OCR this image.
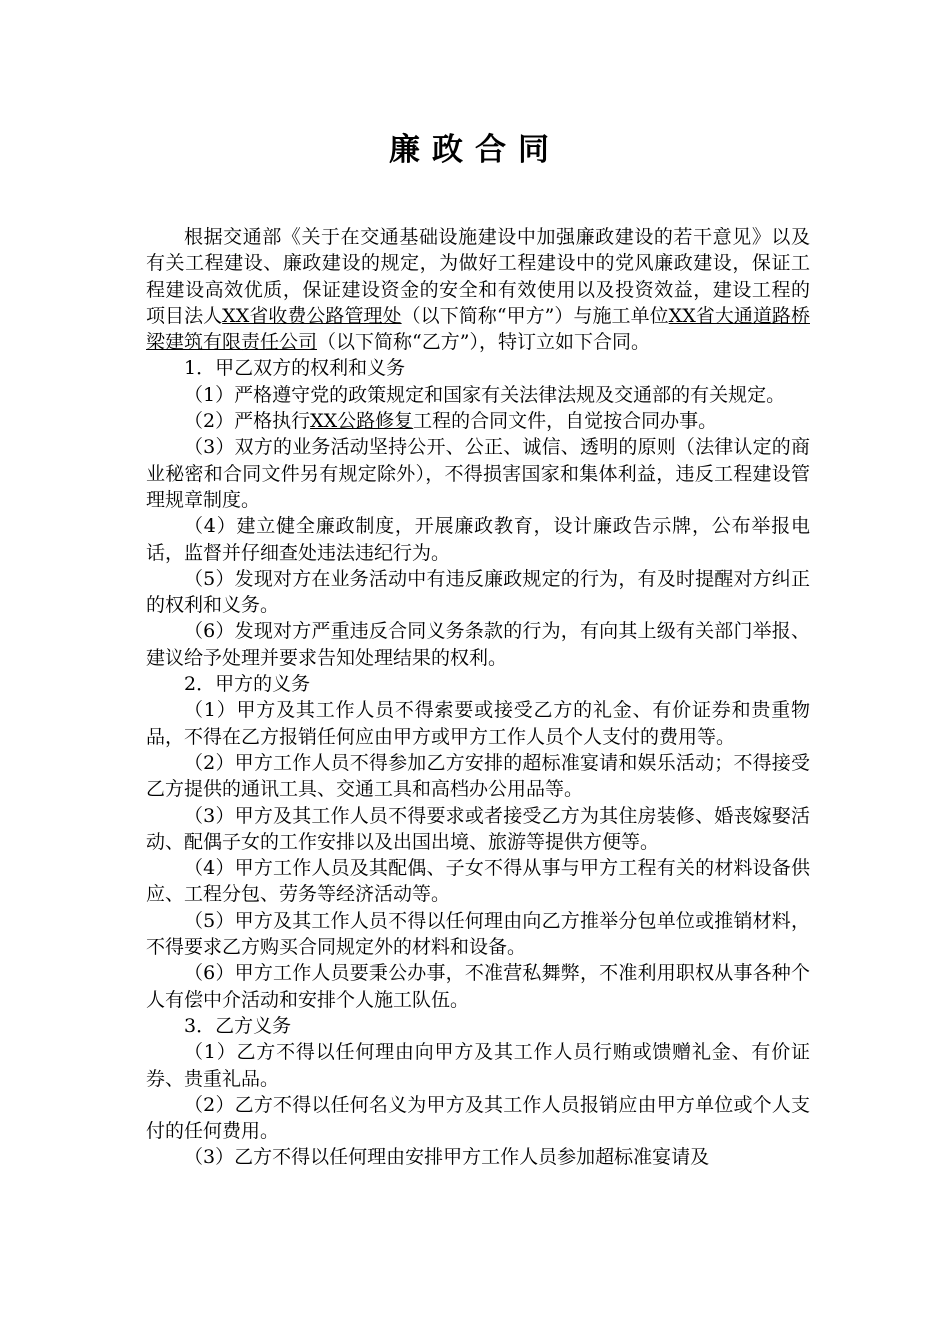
廉政合同

根据交通部《关于在交通基础设施建设中加强廉政建设的若干意见》以及有关工程建设、廉政建设的规定，为做好工程建设中的党风廉政建设，保证工程建设高效优质，保证建设资金的安全和有效使用以及投资效益，建设工程的项目法人XX省收费公路管理处（以下简称“甲方”）与施工单位XX省大通道路桥梁建筑有限责任公司（以下简称“乙方”），特订立如下合同。

1．甲乙双方的权利和义务

（1）严格遵守党的政策规定和国家有关法律法规及交通部的有关规定。

（2）严格执行XX公路修复工程的合同文件，自觉按合同办事。

（3）双方的业务活动坚持公开、公正、诚信、透明的原则（法律认定的商业秘密和合同文件另有规定除外），不得损害国家和集体利益，违反工程建设管理规章制度。

（4）建立健全廉政制度，开展廉政教育，设计廉政告示牌，公布举报电话，监督并仔细查处违法违纪行为。

（5）发现对方在业务活动中有违反廉政规定的行为，有及时提醒对方纠正的权利和义务。

（6）发现对方严重违反合同义务条款的行为，有向其上级有关部门举报、建议给予处理并要求告知处理结果的权利。

2．甲方的义务

（1）甲方及其工作人员不得索要或接受乙方的礼金、有价证券和贵重物品，不得在乙方报销任何应由甲方或甲方工作人员个人支付的费用等。

（2）甲方工作人员不得参加乙方安排的超标准宴请和娱乐活动；不得接受乙方提供的通讯工具、交通工具和高档办公用品等。

（3）甲方及其工作人员不得要求或者接受乙方为其住房装修、婚丧嫁娶活动、配偶子女的工作安排以及出国出境、旅游等提供方便等。

（4）甲方工作人员及其配偶、子女不得从事与甲方工程有关的材料设备供应、工程分包、劳务等经济活动等。

（5）甲方及其工作人员不得以任何理由向乙方推举分包单位或推销材料，不得要求乙方购买合同规定外的材料和设备。

（6）甲方工作人员要秉公办事，不准营私舞弊，不准利用职权从事各种个人有偿中介活动和安排个人施工队伍。

3．乙方义务

（1）乙方不得以任何理由向甲方及其工作人员行贿或馈赠礼金、有价证券、贵重礼品。

（2）乙方不得以任何名义为甲方及其工作人员报销应由甲方单位或个人支付的任何费用。

（3）乙方不得以任何理由安排甲方工作人员参加超标准宴请及
